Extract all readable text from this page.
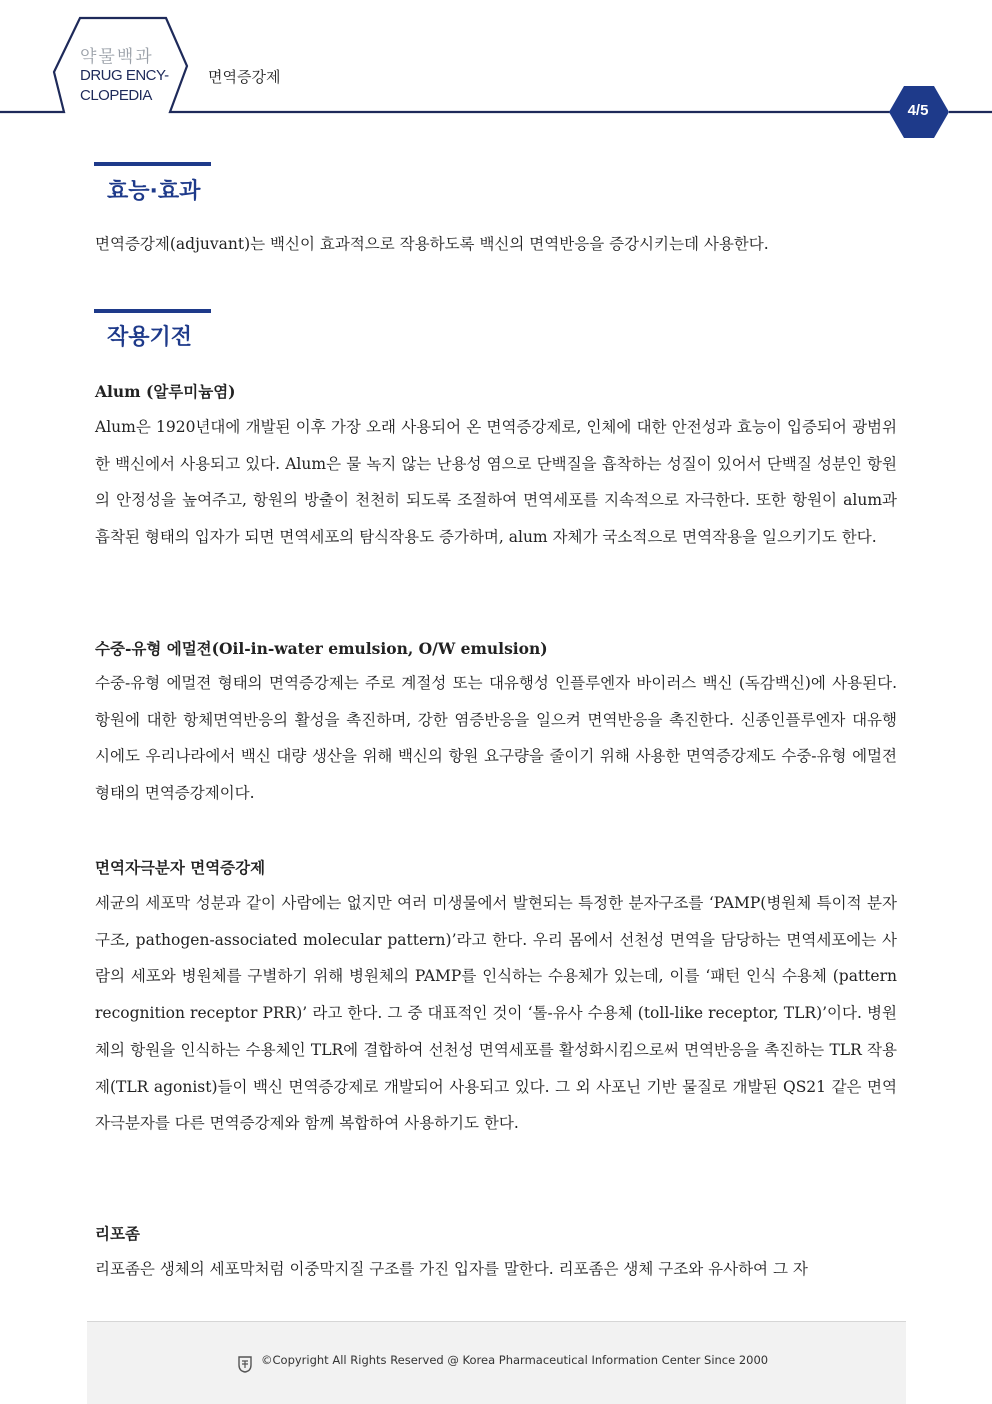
약물백과
DRUG ENCY-
CLOPEDIA
면역증강제
4/5
효능·효과

면역증강제(adjuvant)는 백신이 효과적으로 작용하도록 백신의 면역반응을 증강시키는데 사용한다.

작용기전
Alum (알루미늄염)

Alum은 1920년대에 개발된 이후 가장 오래 사용되어 온 면역증강제로, 인체에 대한 안전성과 효능이 입증되어 광범위한 백신에서 사용되고 있다. Alum은 물 녹지 않는 난용성 염으로 단백질을 흡착하는 성질이 있어서 단백질 성분인 항원의 안정성을 높여주고, 항원의 방출이 천천히 되도록 조절하여 면역세포를 지속적으로 자극한다. 또한 항원이 alum과 흡착된 형태의 입자가 되면 면역세포의 탐식작용도 증가하며, alum 자체가 국소적으로 면역작용을 일으키기도 한다.

수중-유형 에멀젼(Oil-in-water emulsion, O/W emulsion)

수중-유형 에멀젼 형태의 면역증강제는 주로 계절성 또는 대유행성 인플루엔자 바이러스 백신 (독감백신)에 사용된다. 항원에 대한 항체면역반응의 활성을 촉진하며, 강한 염증반응을 일으켜 면역반응을 촉진한다. 신종인플루엔자 대유행 시에도 우리나라에서 백신 대량 생산을 위해 백신의 항원 요구량을 줄이기 위해 사용한 면역증강제도 수중-유형 에멀젼 형태의 면역증강제이다.

면역자극분자 면역증강제

세균의 세포막 성분과 같이 사람에는 없지만 여러 미생물에서 발현되는 특정한 분자구조를 ‘PAMP(병원체 특이적 분자구조, pathogen-associated molecular pattern)’라고 한다. 우리 몸에서 선천성 면역을 담당하는 면역세포에는 사람의 세포와 병원체를 구별하기 위해 병원체의 PAMP를 인식하는 수용체가 있는데, 이를 ‘패턴 인식 수용체 (pattern recognition receptor PRR)’ 라고 한다. 그 중 대표적인 것이 ‘톨-유사 수용체 (toll-like receptor, TLR)’이다. 병원체의 항원을 인식하는 수용체인 TLR에 결합하여 선천성 면역세포를 활성화시킴으로써 면역반응을 촉진하는 TLR 작용제(TLR agonist)들이 백신 면역증강제로 개발되어 사용되고 있다. 그 외 사포닌 기반 물질로 개발된 QS21 같은 면역자극분자를 다른 면역증강제와 함께 복합하여 사용하기도 한다.

리포좀

리포좀은 생체의 세포막처럼 이중막지질 구조를 가진 입자를 말한다. 리포좀은 생체 구조와 유사하여 그 자

©Copyright All Rights Reserved @ Korea Pharmaceutical Information Center Since 2000
